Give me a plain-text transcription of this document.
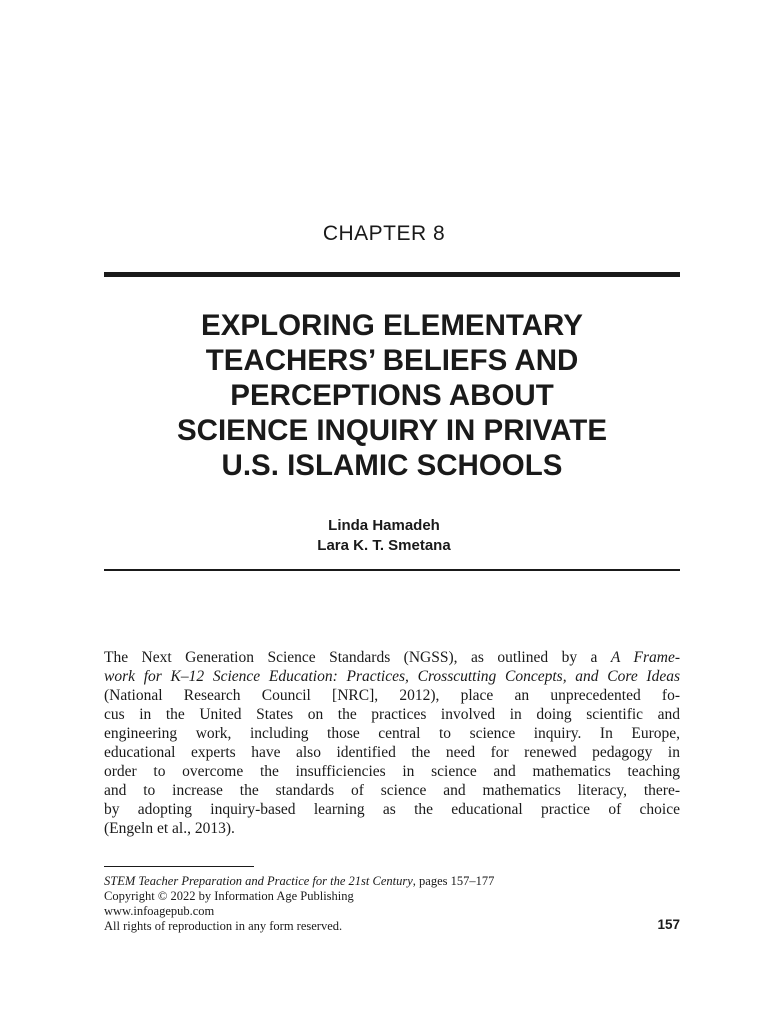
CHAPTER 8
EXPLORING ELEMENTARY
TEACHERS’ BELIEFS AND
PERCEPTIONS ABOUT
SCIENCE INQUIRY IN PRIVATE
U.S. ISLAMIC SCHOOLS
Linda Hamadeh
Lara K. T. Smetana
The Next Generation Science Standards (NGSS), as outlined by a A Frame-
work for K–12 Science Education: Practices, Crosscutting Concepts, and Core Ideas
(National Research Council [NRC], 2012), place an unprecedented fo-
cus in the United States on the practices involved in doing scientific and
engineering work, including those central to science inquiry. In Europe,
educational experts have also identified the need for renewed pedagogy in
order to overcome the insufficiencies in science and mathematics teaching
and to increase the standards of science and mathematics literacy, there-
by adopting inquiry-based learning as the educational practice of choice
(Engeln et al., 2013).
STEM Teacher Preparation and Practice for the 21st Century, pages 157–177
Copyright © 2022 by Information Age Publishing
www.infoagepub.com
All rights of reproduction in any form reserved.	157
